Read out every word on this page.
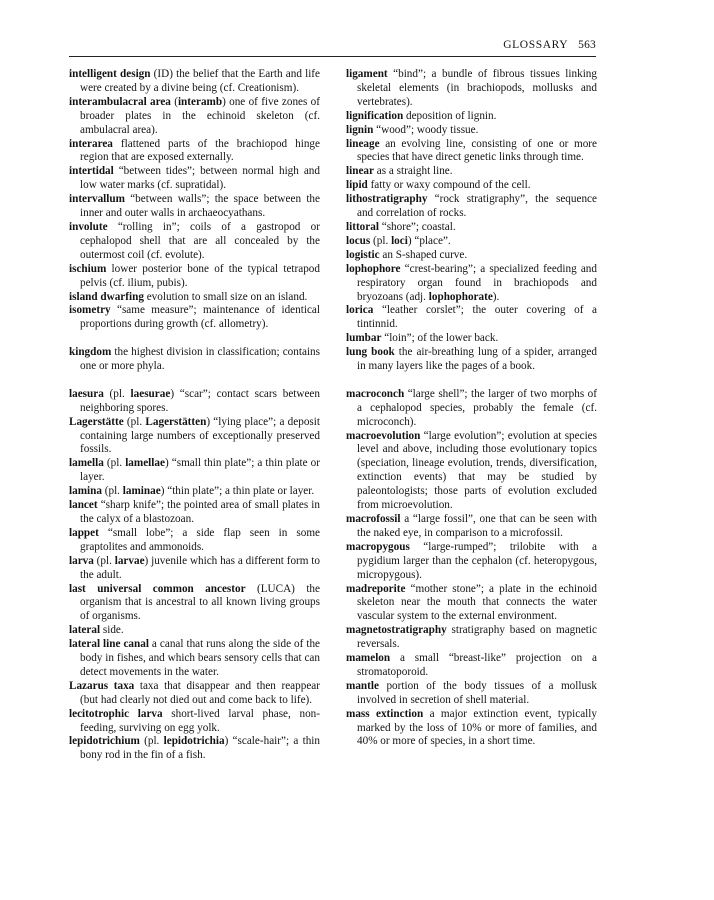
GLOSSARY 563

intelligent design (ID) the belief that the Earth and life were created by a divine being (cf. Creationism).

interambulacral area (interamb) one of five zones of broader plates in the echinoid skeleton (cf. ambulacral area).

interarea flattened parts of the brachiopod hinge region that are exposed externally.

intertidal “between tides”; between normal high and low water marks (cf. supratidal).

intervallum “between walls”; the space between the inner and outer walls in archaeocyathans.

involute “rolling in”; coils of a gastropod or cephalopod shell that are all concealed by the outermost coil (cf. evolute).

ischium lower posterior bone of the typical tetrapod pelvis (cf. ilium, pubis).

island dwarfing evolution to small size on an island.

isometry “same measure”; maintenance of identical proportions during growth (cf. allometry).

kingdom the highest division in classification; contains one or more phyla.

laesura (pl. laesurae) “scar”; contact scars between neighboring spores.

Lagerstätte (pl. Lagerstätten) “lying place”; a deposit containing large numbers of exceptionally preserved fossils.

lamella (pl. lamellae) “small thin plate”; a thin plate or layer.

lamina (pl. laminae) “thin plate”; a thin plate or layer.

lancet “sharp knife”; the pointed area of small plates in the calyx of a blastozoan.

lappet “small lobe”; a side flap seen in some graptolites and ammonoids.

larva (pl. larvae) juvenile which has a different form to the adult.

last universal common ancestor (LUCA) the organism that is ancestral to all known living groups of organisms.

lateral side.

lateral line canal a canal that runs along the side of the body in fishes, and which bears sensory cells that can detect movements in the water.

Lazarus taxa taxa that disappear and then reappear (but had clearly not died out and come back to life).

lecitotrophic larva short-lived larval phase, non-feeding, surviving on egg yolk.

lepidotrichium (pl. lepidotrichia) “scale-hair”; a thin bony rod in the fin of a fish.

ligament “bind”; a bundle of fibrous tissues linking skeletal elements (in brachiopods, mollusks and vertebrates).

lignification deposition of lignin.

lignin “wood”; woody tissue.

lineage an evolving line, consisting of one or more species that have direct genetic links through time.

linear as a straight line.

lipid fatty or waxy compound of the cell.

lithostratigraphy “rock stratigraphy”, the sequence and correlation of rocks.

littoral “shore”; coastal.

locus (pl. loci) “place”.

logistic an S-shaped curve.

lophophore “crest-bearing”; a specialized feeding and respiratory organ found in brachiopods and bryozoans (adj. lophophorate).

lorica “leather corslet”; the outer covering of a tintinnid.

lumbar “loin”; of the lower back.

lung book the air-breathing lung of a spider, arranged in many layers like the pages of a book.

macroconch “large shell”; the larger of two morphs of a cephalopod species, probably the female (cf. microconch).

macroevolution “large evolution”; evolution at species level and above, including those evolutionary topics (speciation, lineage evolution, trends, diversification, extinction events) that may be studied by paleontologists; those parts of evolution excluded from microevolution.

macrofossil a “large fossil”, one that can be seen with the naked eye, in comparison to a microfossil.

macropygous “large-rumped”; trilobite with a pygidium larger than the cephalon (cf. heteropygous, micropygous).

madreporite “mother stone”; a plate in the echinoid skeleton near the mouth that connects the water vascular system to the external environment.

magnetostratigraphy stratigraphy based on magnetic reversals.

mamelon a small “breast-like” projection on a stromatoporoid.

mantle portion of the body tissues of a mollusk involved in secretion of shell material.

mass extinction a major extinction event, typically marked by the loss of 10% or more of families, and 40% or more of species, in a short time.
